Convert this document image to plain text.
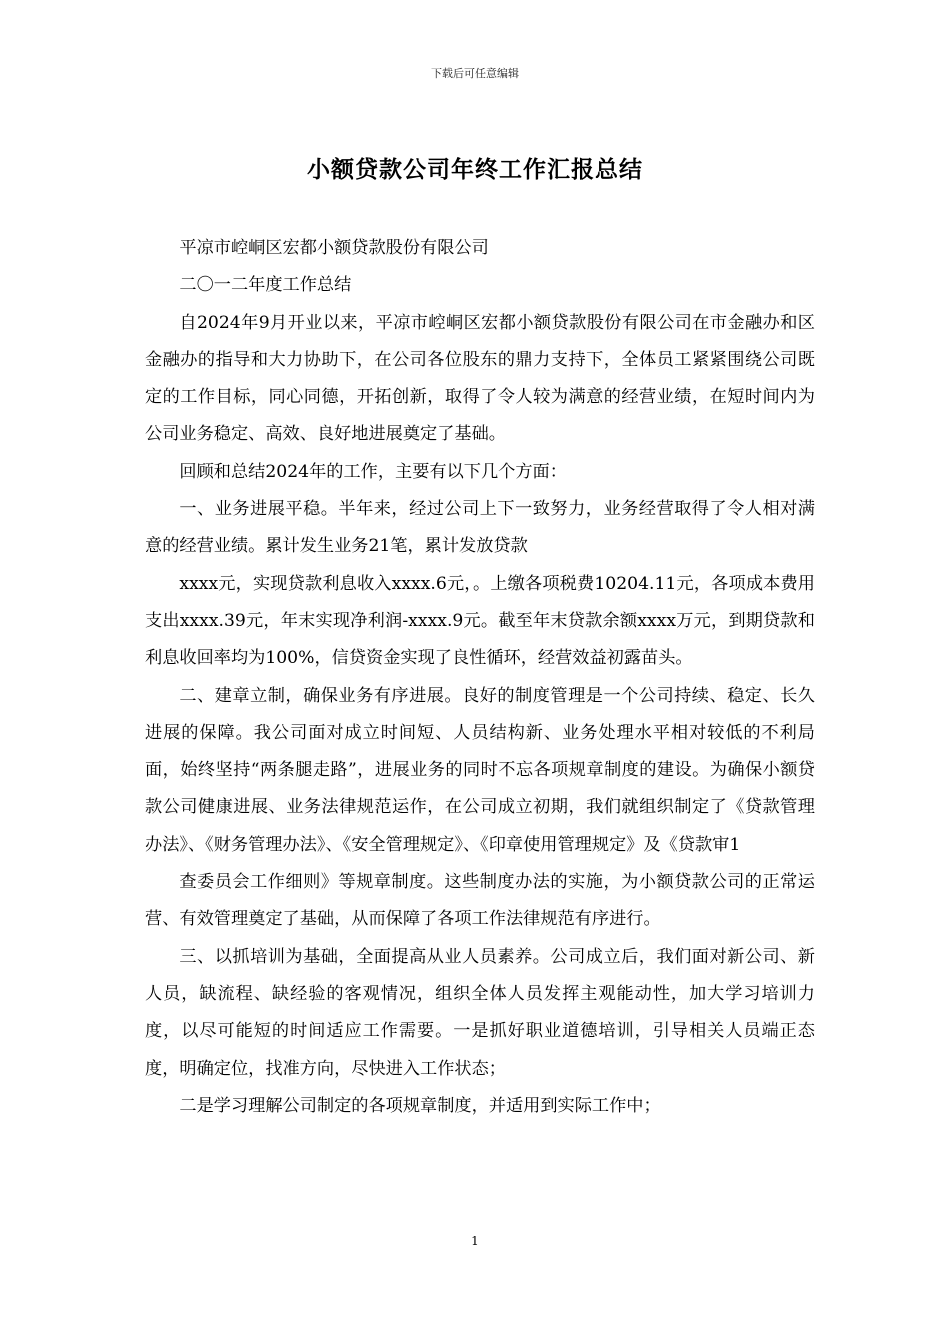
下载后可任意编辑
小额贷款公司年终工作汇报总结

平凉市崆峒区宏都小额贷款股份有限公司

二〇一二年度工作总结

自2024年9月开业以来，平凉市崆峒区宏都小额贷款股份有限公司在市金融办和区金融办的指导和大力协助下，在公司各位股东的鼎力支持下，全体员工紧紧围绕公司既定的工作目标，同心同德，开拓创新，取得了令人较为满意的经营业绩，在短时间内为公司业务稳定、高效、良好地进展奠定了基础。

回顾和总结2024年的工作，主要有以下几个方面：

一、业务进展平稳。半年来，经过公司上下一致努力，业务经营取得了令人相对满意的经营业绩。累计发生业务21笔，累计发放贷款

xxxx元，实现贷款利息收入xxxx.6元，。上缴各项税费10204.11元，各项成本费用支出xxxx.39元，年末实现净利润-xxxx.9元。截至年末贷款余额xxxx万元，到期贷款和利息收回率均为100%，信贷资金实现了良性循环，经营效益初露苗头。

二、建章立制，确保业务有序进展。良好的制度管理是一个公司持续、稳定、长久进展的保障。我公司面对成立时间短、人员结构新、业务处理水平相对较低的不利局面，始终坚持“两条腿走路”，进展业务的同时不忘各项规章制度的建设。为确保小额贷款公司健康进展、业务法律规范运作，在公司成立初期，我们就组织制定了《贷款管理办法》、《财务管理办法》、《安全管理规定》、《印章使用管理规定》及《贷款审1

查委员会工作细则》等规章制度。这些制度办法的实施，为小额贷款公司的正常运营、有效管理奠定了基础，从而保障了各项工作法律规范有序进行。

三、以抓培训为基础，全面提高从业人员素养。公司成立后，我们面对新公司、新人员，缺流程、缺经验的客观情况，组织全体人员发挥主观能动性，加大学习培训力度，以尽可能短的时间适应工作需要。一是抓好职业道德培训，引导相关人员端正态度，明确定位，找准方向，尽快进入工作状态；

二是学习理解公司制定的各项规章制度，并适用到实际工作中；

1
